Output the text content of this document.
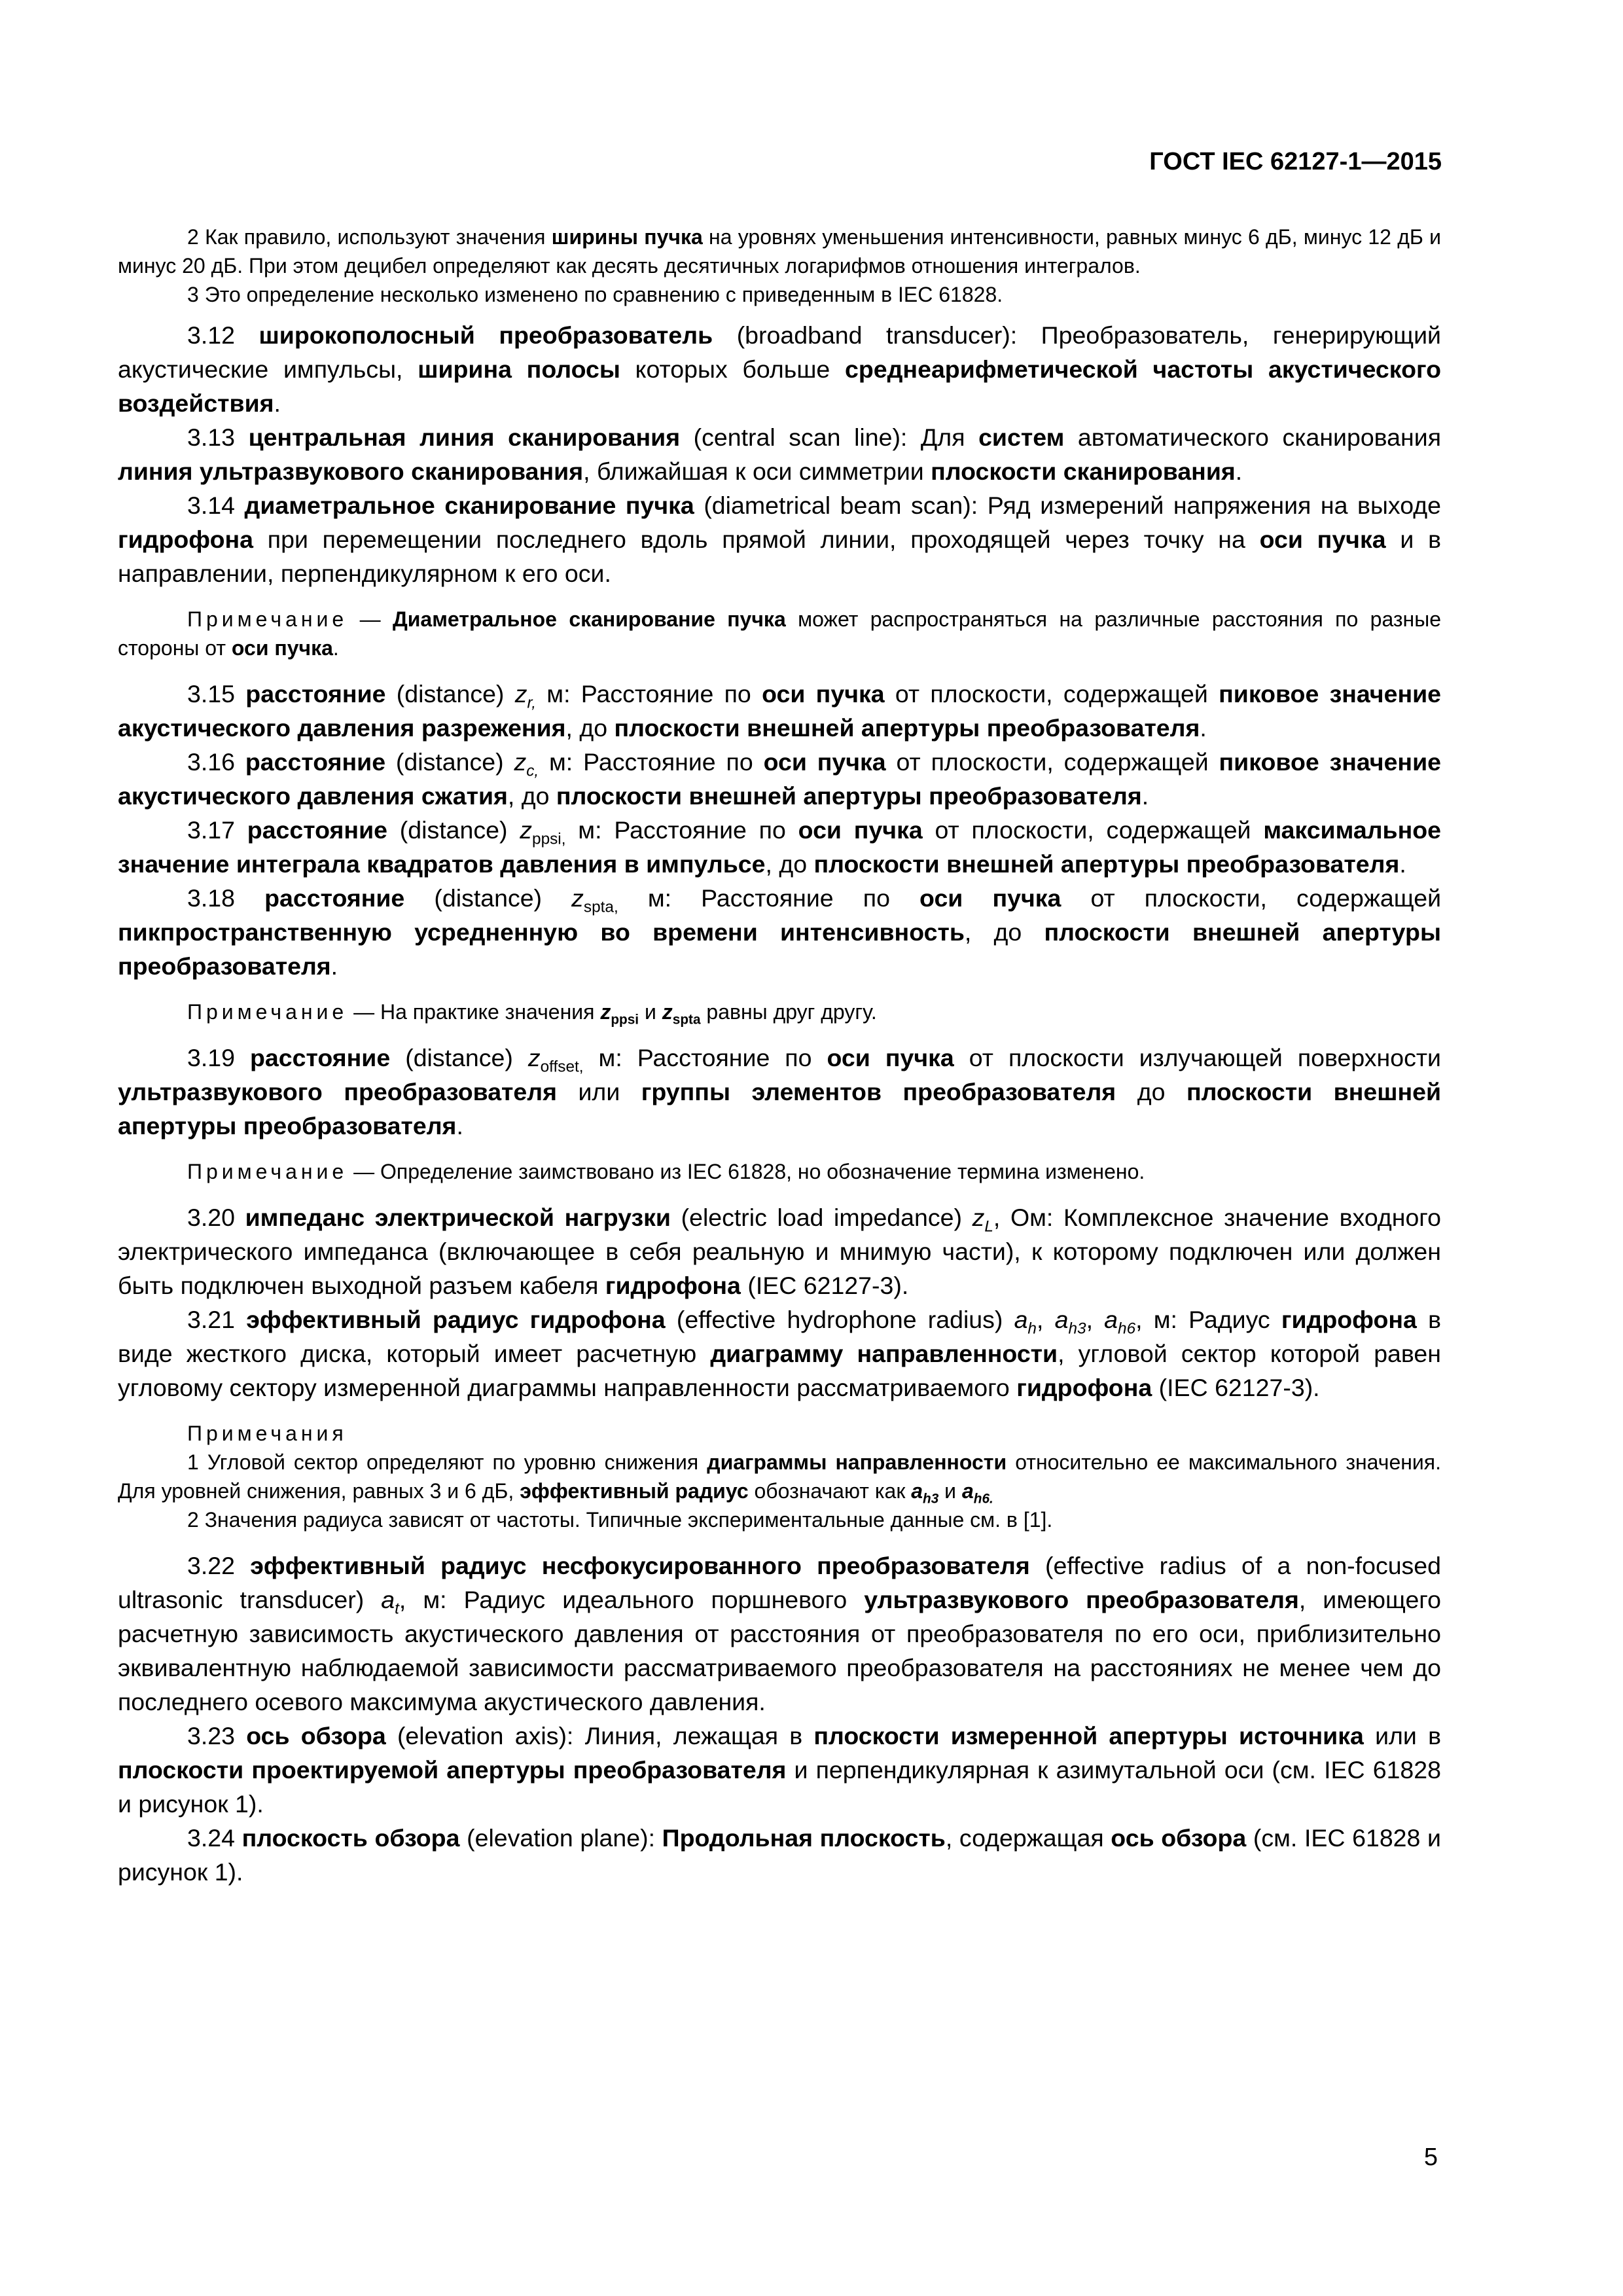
ГОСТ IEC 62127-1—2015

2 Как правило, используют значения ширины пучка на уровнях уменьшения интенсивности, равных минус 6 дБ, минус 12 дБ и минус 20 дБ. При этом децибел определяют как десять десятичных логарифмов отношения интегралов.

3 Это определение несколько изменено по сравнению с приведенным в IEC 61828.

3.12 широкополосный преобразователь (broadband transducer): Преобразователь, генерирующий акустические импульсы, ширина полосы которых больше среднеарифметической частоты акустического воздействия.

3.13 центральная линия сканирования (central scan line): Для систем автоматического сканирования линия ультразвукового сканирования, ближайшая к оси симметрии плоскости сканирования.

3.14 диаметральное сканирование пучка (diametrical beam scan): Ряд измерений напряжения на выходе гидрофона при перемещении последнего вдоль прямой линии, проходящей через точку на оси пучка и в направлении, перпендикулярном к его оси.

Примечание — Диаметральное сканирование пучка может распространяться на различные расстояния по разные стороны от оси пучка.

3.15 расстояние (distance) $z_{r,}$ м: Расстояние по оси пучка от плоскости, содержащей пиковое значение акустического давления разрежения, до плоскости внешней апертуры преобразователя.

3.16 расстояние (distance) $z_{c,}$ м: Расстояние по оси пучка от плоскости, содержащей пиковое значение акустического давления сжатия, до плоскости внешней апертуры преобразователя.

3.17 расстояние (distance) $z_{ppsi,}$ м: Расстояние по оси пучка от плоскости, содержащей максимальное значение интеграла квадратов давления в импульсе, до плоскости внешней апертуры преобразователя.

3.18 расстояние (distance) $z_{spta,}$ м: Расстояние по оси пучка от плоскости, содержащей пикпространственную усредненную во времени интенсивность, до плоскости внешней апертуры преобразователя.

Примечание — На практике значения $z_{ppsi}$ и $z_{spta}$ равны друг другу.

3.19 расстояние (distance) $z_{offset,}$ м: Расстояние по оси пучка от плоскости излучающей поверхности ультразвукового преобразователя или группы элементов преобразователя до плоскости внешней апертуры преобразователя.

Примечание — Определение заимствовано из IEC 61828, но обозначение термина изменено.

3.20 импеданс электрической нагрузки (electric load impedance) $z_L$, Ом: Комплексное значение входного электрического импеданса (включающее в себя реальную и мнимую части), к которому подключен или должен быть подключен выходной разъем кабеля гидрофона (IEC 62127-3).

3.21 эффективный радиус гидрофона (effective hydrophone radius) $a_h$, $a_{h3}$, $a_{h6}$, м: Радиус гидрофона в виде жесткого диска, который имеет расчетную диаграмму направленности, угловой сектор которой равен угловому сектору измеренной диаграммы направленности рассматриваемого гидрофона (IEC 62127-3).

Примечания

1 Угловой сектор определяют по уровню снижения диаграммы направленности относительно ее максимального значения. Для уровней снижения, равных 3 и 6 дБ, эффективный радиус обозначают как $a_{h3}$ и $a_{h6.}$

2 Значения радиуса зависят от частоты. Типичные экспериментальные данные см. в [1].

3.22 эффективный радиус несфокусированного преобразователя (effective radius of a non-focused ultrasonic transducer) $a_t$, м: Радиус идеального поршневого ультразвукового преобразователя, имеющего расчетную зависимость акустического давления от расстояния от преобразователя по его оси, приблизительно эквивалентную наблюдаемой зависимости рассматриваемого преобразователя на расстояниях не менее чем до последнего осевого максимума акустического давления.

3.23 ось обзора (elevation axis): Линия, лежащая в плоскости измеренной апертуры источника или в плоскости проектируемой апертуры преобразователя и перпендикулярная к азимутальной оси (см. IEC 61828 и рисунок 1).

3.24 плоскость обзора (elevation plane): Продольная плоскость, содержащая ось обзора (см. IEC 61828 и рисунок 1).

5
